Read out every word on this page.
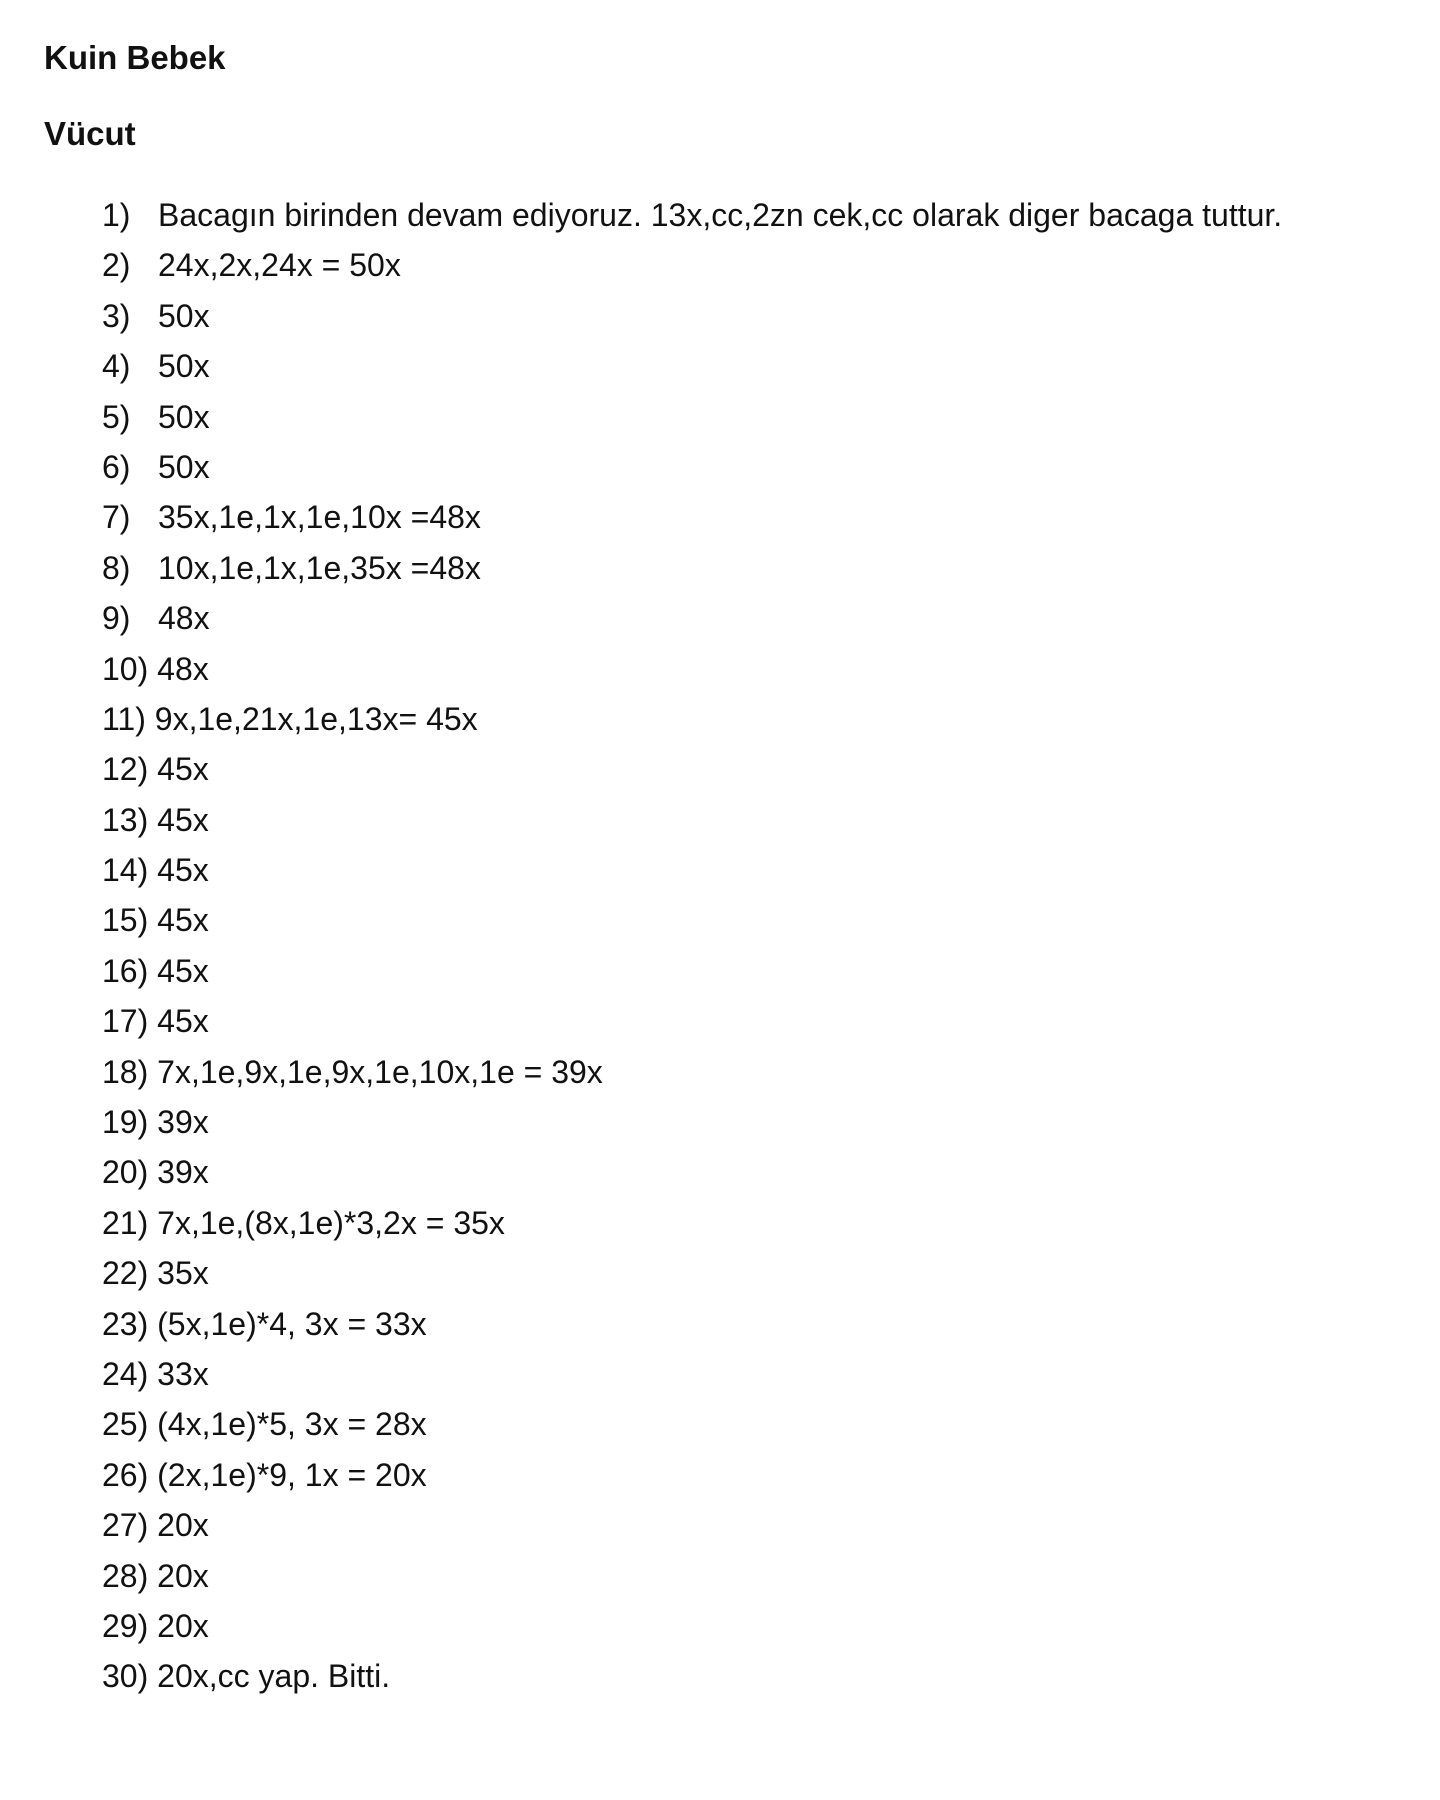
Kuin Bebek
Vücut
1) Bacagın birinden devam ediyoruz. 13x,cc,2zn cek,cc olarak diger bacaga tuttur.
2) 24x,2x,24x = 50x
3) 50x
4) 50x
5) 50x
6) 50x
7) 35x,1e,1x,1e,10x =48x
8) 10x,1e,1x,1e,35x =48x
9) 48x
10)
48x
11)
9x,1e,21x,1e,13x= 45x
12)
45x
13)
45x
14)
45x
15)
45x
16)
45x
17)
45x
18)
7x,1e,9x,1e,9x,1e,10x,1e = 39x
19)
39x
20)
39x
21)
7x,1e,(8x,1e)*3,2x = 35x
22)
35x
23)
(5x,1e)*4, 3x = 33x
24)
33x
25)
(4x,1e)*5, 3x = 28x
26)
(2x,1e)*9, 1x = 20x
27)
20x
28)
20x
29)
20x
30)
20x,cc yap. Bitti.
